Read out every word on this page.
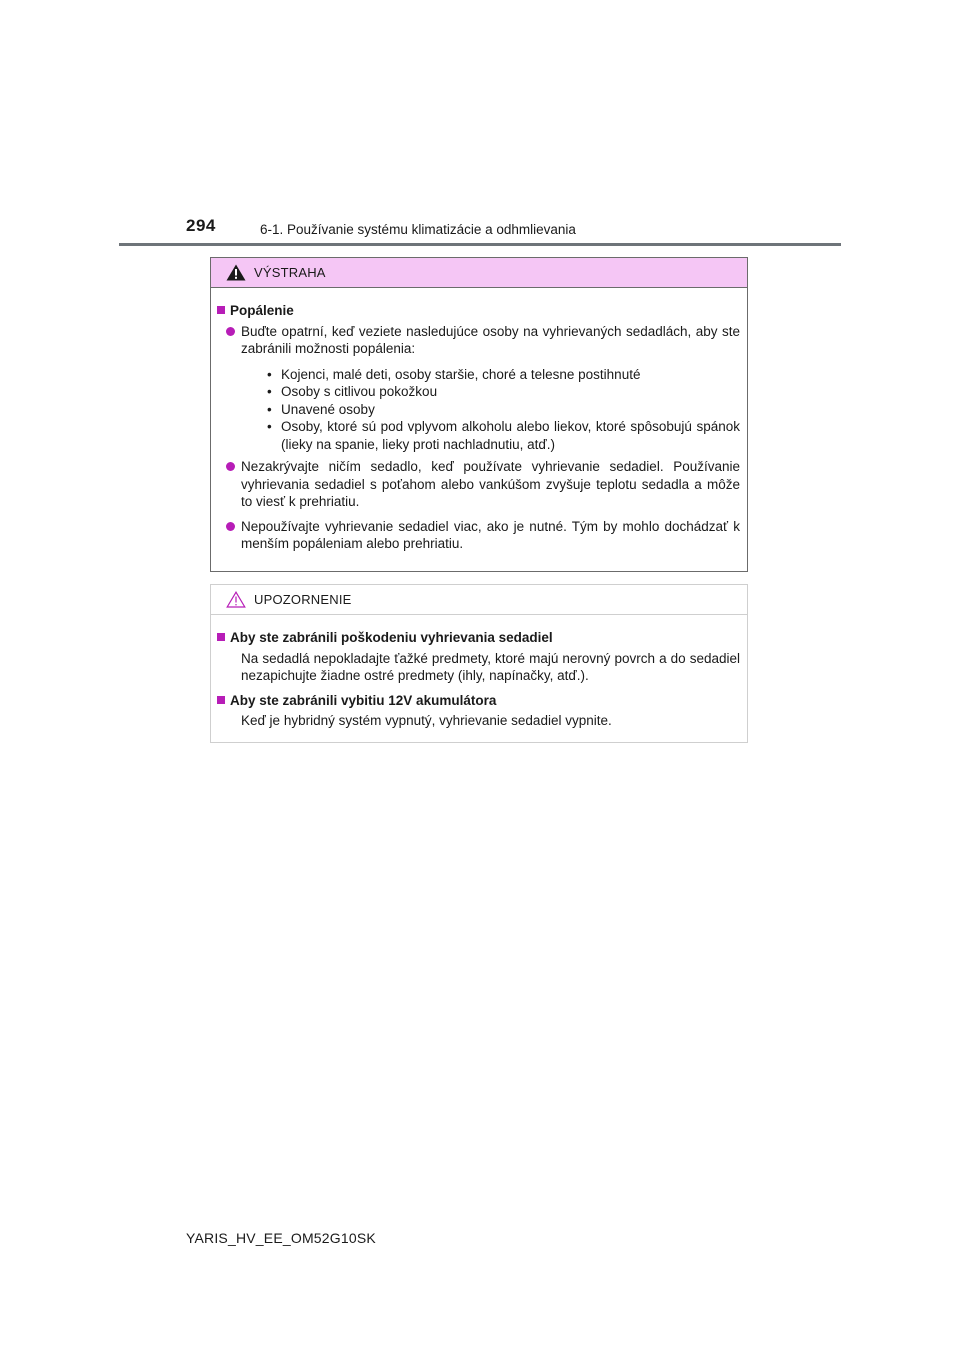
294	6-1. Používanie systému klimatizácie a odhmlievania
VÝSTRAHA
Popálenie
Buďte opatrní, keď veziete nasledujúce osoby na vyhrievaných sedadlách, aby ste zabránili možnosti popálenia:
• Kojenci, malé deti, osoby staršie, choré a telesne postihnuté
• Osoby s citlivou pokožkou
• Unavené osoby
• Osoby, ktoré sú pod vplyvom alkoholu alebo liekov, ktoré spôsobujú spánok (lieky na spanie, lieky proti nachladnutiu, atď.)
Nezakrývajte ničím sedadlo, keď používate vyhrievanie sedadiel. Používanie vyhrievania sedadiel s poťahom alebo vankúšom zvyšuje teplotu sedadla a môže to viesť k prehriatiu.
Nepoužívajte vyhrievanie sedadiel viac, ako je nutné. Tým by mohlo dochádzať k menším popáleniam alebo prehriatiu.
UPOZORNENIE
Aby ste zabránili poškodeniu vyhrievania sedadiel
Na sedadlá nepokladajte ťažké predmety, ktoré majú nerovný povrch a do sedadiel nezapichujte žiadne ostré predmety (ihly, napínačky, atď.).
Aby ste zabránili vybitiu 12V akumulátora
Keď je hybridný systém vypnutý, vyhrievanie sedadiel vypnite.
YARIS_HV_EE_OM52G10SK
